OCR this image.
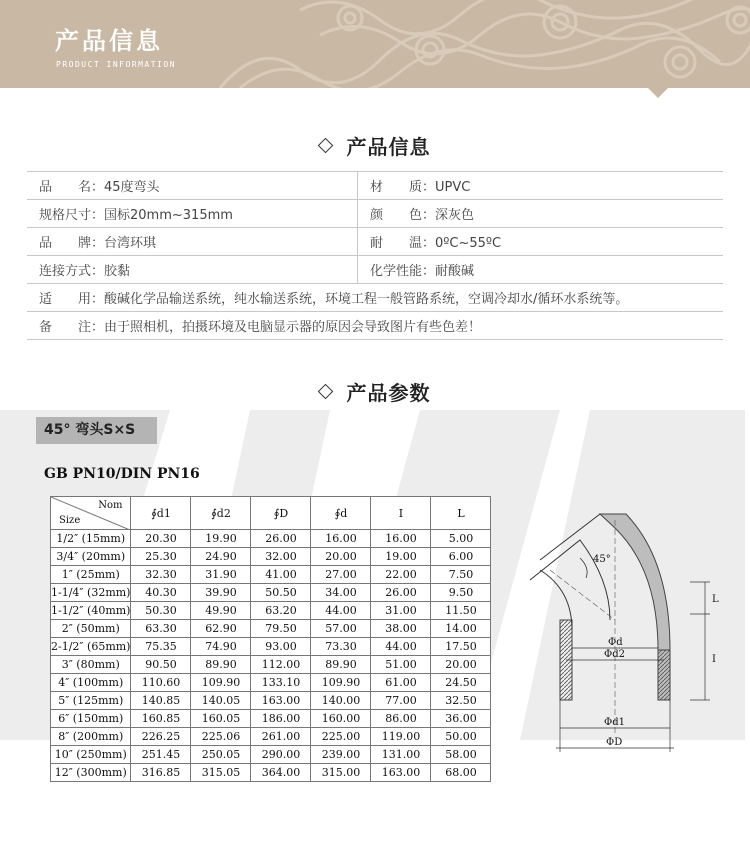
产品信息
PRODUCT INFORMATION
产品信息
品　　名：45度弯头	材　　质：UPVC
规格尺寸：国标20mm~315mm	颜　　色：深灰色
品　　牌：台湾环琪	耐　　温：0ºC~55ºC
连接方式：胶黏	化学性能：耐酸碱
适　　用：酸碱化学品输送系统，纯水输送系统，环境工程一般管路系统，空调冷却水/循环水系统等。	
备　　注：由于照相机，拍摄环境及电脑显示器的原因会导致图片有些色差！	
产品参数
45° 弯头S×S
GB PN10/DIN PN16
Nom
Size	∮d1	∮d2	∮D	∮d	I	L
1/2″ (15mm)	20.30	19.90	26.00	16.00	16.00	5.00
3/4″ (20mm)	25.30	24.90	32.00	20.00	19.00	6.00
1″ (25mm)	32.30	31.90	41.00	27.00	22.00	7.50
1-1/4″ (32mm)	40.30	39.90	50.50	34.00	26.00	9.50
1-1/2″ (40mm)	50.30	49.90	63.20	44.00	31.00	11.50
2″ (50mm)	63.30	62.90	79.50	57.00	38.00	14.00
2-1/2″ (65mm)	75.35	74.90	93.00	73.30	44.00	17.50
3″ (80mm)	90.50	89.90	112.00	89.90	51.00	20.00
4″ (100mm)	110.60	109.90	133.10	109.90	61.00	24.50
5″ (125mm)	140.85	140.05	163.00	140.00	77.00	32.50
6″ (150mm)	160.85	160.05	186.00	160.00	86.00	36.00
8″ (200mm)	226.25	225.06	261.00	225.00	119.00	50.00
10″ (250mm)	251.45	250.05	290.00	239.00	131.00	58.00
12″ (300mm)	316.85	315.05	364.00	315.00	163.00	68.00
45°
Φd
Φd2
Φd1
ΦD
L
I
